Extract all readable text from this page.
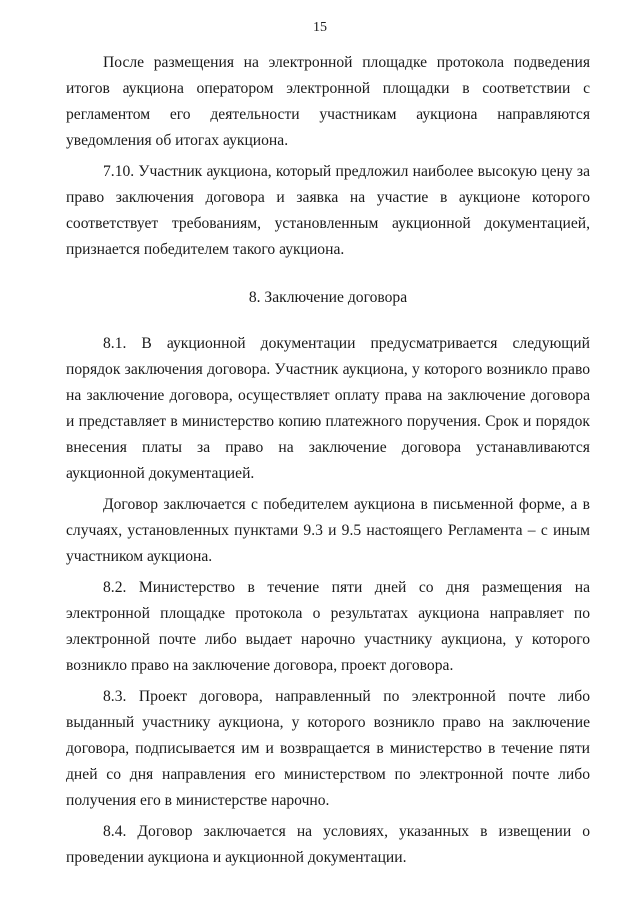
15

После размещения на электронной площадке протокола подведения итогов аукциона оператором электронной площадки в соответствии с регламентом его деятельности участникам аукциона направляются уведомления об итогах аукциона.

7.10. Участник аукциона, который предложил наиболее высокую цену за право заключения договора и заявка на участие в аукционе которого соответствует требованиям, установленным аукционной документацией, признается победителем такого аукциона.

8. Заключение договора

8.1. В аукционной документации предусматривается следующий порядок заключения договора. Участник аукциона, у которого возникло право на заключение договора, осуществляет оплату права на заключение договора и представляет в министерство копию платежного поручения. Срок и порядок внесения платы за право на заключение договора устанавливаются аукционной документацией.

Договор заключается с победителем аукциона в письменной форме, а в случаях, установленных пунктами 9.3 и 9.5 настоящего Регламента – с иным участником аукциона.

8.2. Министерство в течение пяти дней со дня размещения на электронной площадке протокола о результатах аукциона направляет по электронной почте либо выдает нарочно участнику аукциона, у которого возникло право на заключение договора, проект договора.

8.3. Проект договора, направленный по электронной почте либо выданный участнику аукциона, у которого возникло право на заключение договора, подписывается им и возвращается в министерство в течение пяти дней со дня направления его министерством по электронной почте либо получения его в министерстве нарочно.

8.4. Договор заключается на условиях, указанных в извещении о проведении аукциона и аукционной документации.
